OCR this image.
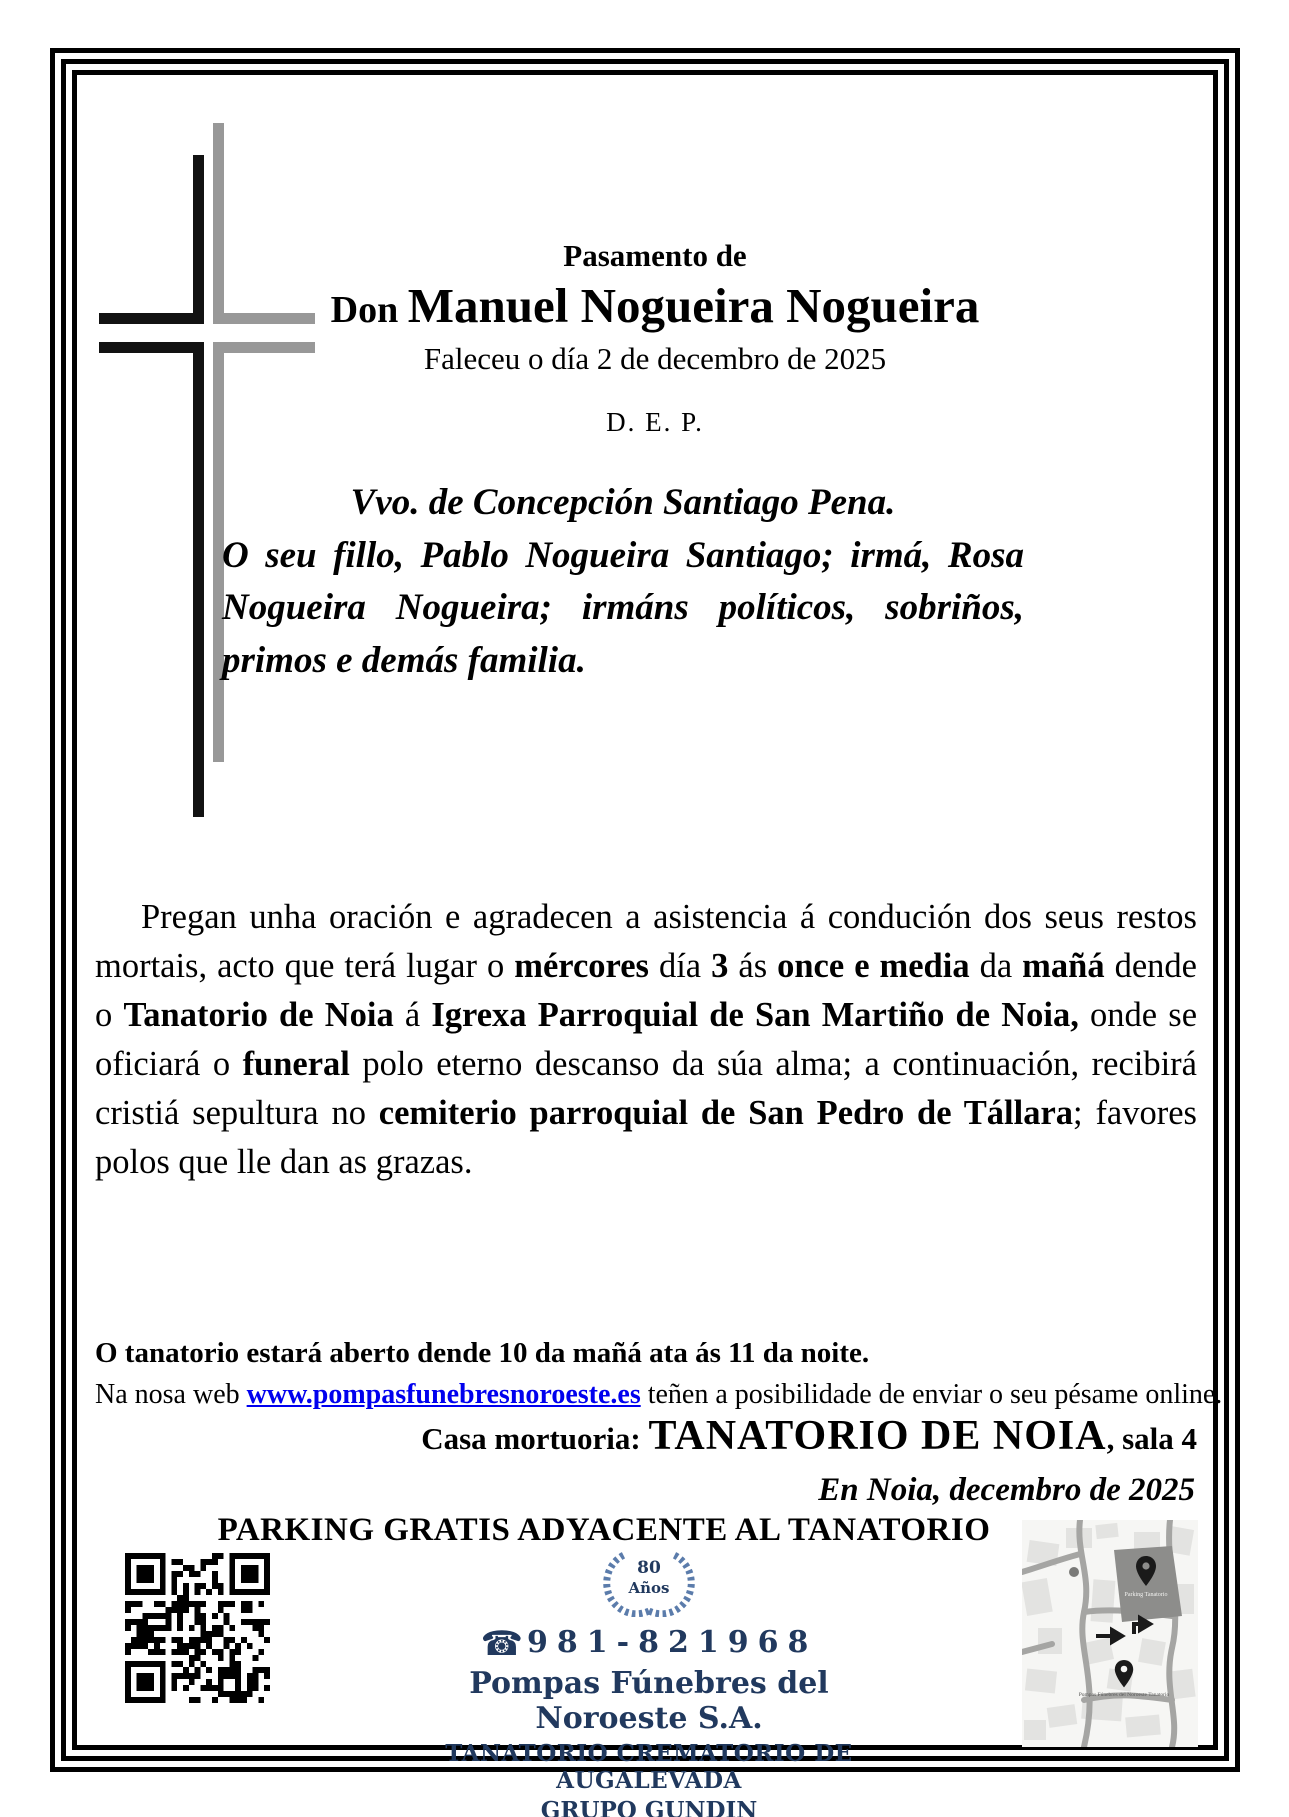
Pasamento de
Don Manuel Nogueira Nogueira
Faleceu o día 2 de decembro de 2025
D. E. P.
Vvo. de Concepción Santiago Pena.
O seu fillo, Pablo Nogueira Santiago; irmá, Rosa Nogueira Nogueira; irmáns políticos, sobriños, primos e demás familia.
Pregan unha oración e agradecen a asistencia á condución dos seus restos mortais, acto que terá lugar o mércores día 3 ás once e media da mañá dende o Tanatorio de Noia á Igrexa Parroquial de San Martiño de Noia, onde se oficiará o funeral polo eterno descanso da súa alma; a continuación, recibirá cristiá sepultura no cemiterio parroquial de San Pedro de Tállara; favores polos que lle dan as grazas.
O tanatorio estará aberto dende 10 da mañá ata ás 11 da noite.
Na nosa web www.pompasfunebresnoroeste.es teñen a posibilidade de enviar o seu pésame online.
Casa mortuoria: TANATORIO DE NOIA, sala 4
En Noia, decembro de 2025
PARKING GRATIS ADYACENTE AL TANATORIO
80
Años
☎ 981-821968
Pompas Fúnebres del Noroeste S.A.
TANATORIO CREMATORIO DE AUGALEVADA
GRUPO GUNDIN
Parking Tanatorio
Pompas Fúnebres del Noroeste Tanatorio
